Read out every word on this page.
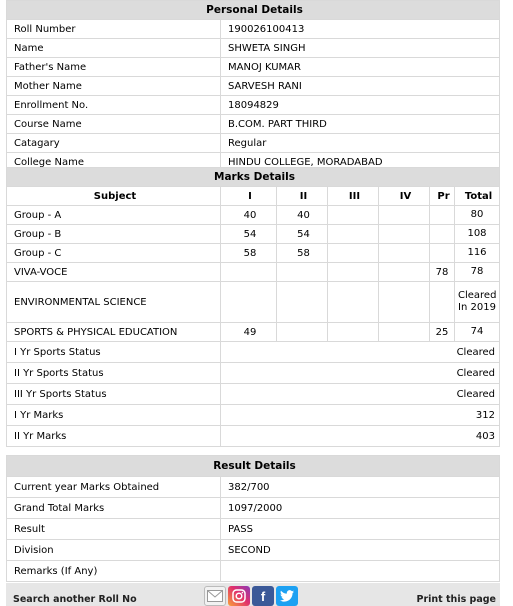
Personal Details	
Roll Number	190026100413
Name	SHWETA SINGH
Father's Name	MANOJ KUMAR
Mother Name	SARVESH RANI
Enrollment No.	18094829
Course Name	B.COM. PART THIRD
Catagary	Regular
College Name	HINDU COLLEGE, MORADABAD
Marks Details						
Subject	I	II	III	IV	Pr	Total
Group - A	40	40				80
Group - B	54	54				108
Group - C	58	58				116
VIVA-VOCE					78	78
ENVIRONMENTAL SCIENCE						Cleared In 2019
SPORTS & PHYSICAL EDUCATION	49				25	74
I Yr Sports Status	Cleared					
II Yr Sports Status	Cleared					
III Yr Sports Status	Cleared					
I Yr Marks	312					
II Yr Marks	403					
Result Details	
Current year Marks Obtained	382/700
Grand Total Marks	1097/2000
Result	PASS
Division	SECOND
Remarks (If Any)	
Search another Roll No	f	Print this page
